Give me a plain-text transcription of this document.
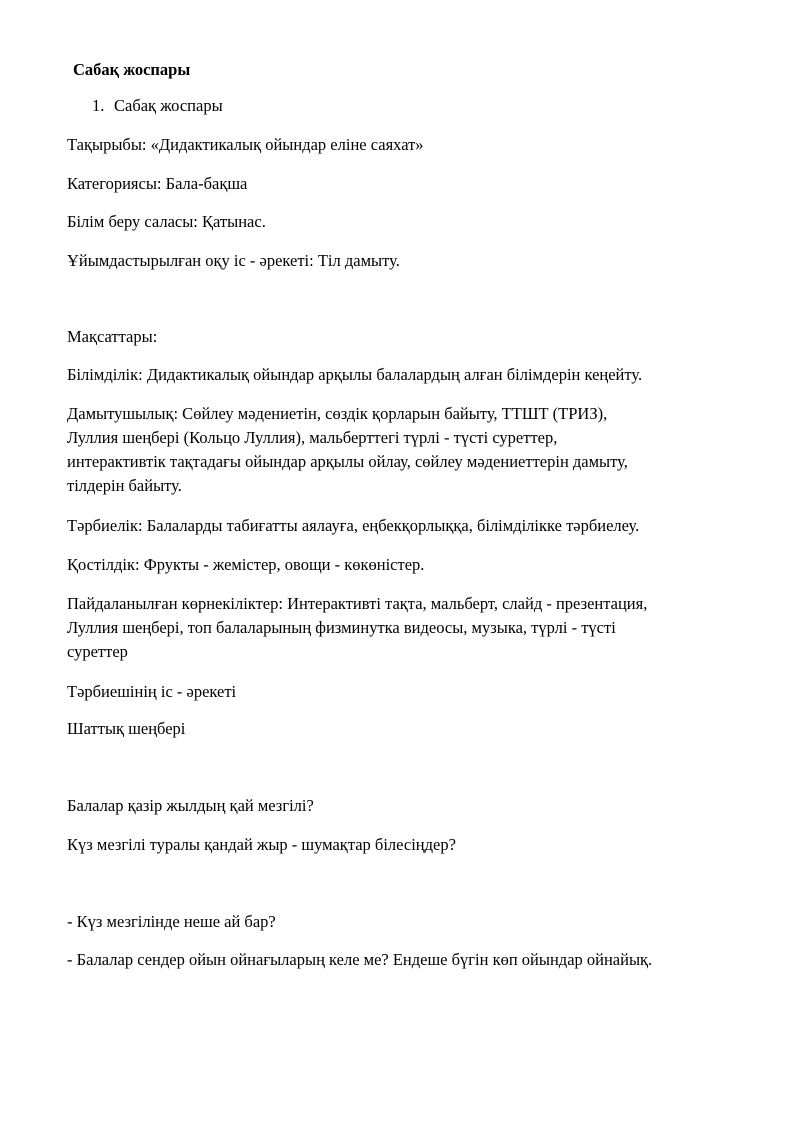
Сабақ жоспары
1. Сабақ жоспары
Тақырыбы: «Дидактикалық ойындар еліне саяхат»
Категориясы: Бала-бақша
Білім беру саласы: Қатынас.
Ұйымдастырылған оқу іс - әрекеті: Тіл дамыту.
Мақсаттары:
Білімділік: Дидактикалық ойындар арқылы балалардың алған білімдерін кеңейту.
Дамытушылық: Сөйлеу мәдениетін, сөздік қорларын байыту, ТТШТ (ТРИЗ),
Луллия шеңбері (Кольцо Луллия), мальберттегі түрлі - түсті суреттер,
интерактивтік тақтадағы ойындар арқылы ойлау, сөйлеу мәдениеттерін дамыту,
тілдерін байыту.
Тәрбиелік: Балаларды табиғатты аялауға, еңбекқорлыққа, білімділікке тәрбиелеу.
Қостілдік: Фрукты - жемістер, овощи - көкөністер.
Пайдаланылған көрнекіліктер: Интерактивті тақта, мальберт, слайд - презентация,
Луллия шеңбері, топ балаларының физминутка видеосы, музыка, түрлі - түсті
суреттер
Тәрбиешінің іс - әрекеті
Шаттық шеңбері
Балалар қазір жылдың қай мезгілі?
Күз мезгілі туралы қандай жыр - шумақтар білесіңдер?
- Күз мезгілінде неше ай бар?
- Балалар сендер ойын ойнағыларың келе ме? Ендеше бүгін көп ойындар ойнайық.
